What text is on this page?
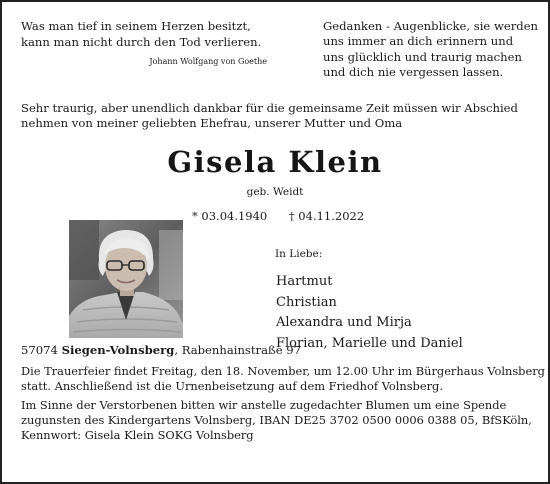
Was man tief in seinem Herzen besitzt,
kann man nicht durch den Tod verlieren.
Johann Wolfgang von Goethe
Gedanken - Augenblicke, sie werden
uns immer an dich erinnern und
uns glücklich und traurig machen
und dich nie vergessen lassen.
Sehr traurig, aber unendlich dankbar für die gemeinsame Zeit müssen wir Abschied
nehmen von meiner geliebten Ehefrau, unserer Mutter und Oma
Gisela Klein
geb. Weidt
* 03.04.1940 † 04.11.2022
In Liebe:
Hartmut
Christian
Alexandra und Mirja
Florian, Marielle und Daniel
57074 Siegen-Volnsberg, Rabenhainstraße 97
Die Trauerfeier findet Freitag, den 18. November, um 12.00 Uhr im Bürgerhaus Volnsberg
statt. Anschließend ist die Urnenbeisetzung auf dem Friedhof Volnsberg.
Im Sinne der Verstorbenen bitten wir anstelle zugedachter Blumen um eine Spende
zugunsten des Kindergartens Volnsberg, IBAN DE25 3702 0500 0006 0388 05, BfSKöln,
Kennwort: Gisela Klein SOKG Volnsberg
